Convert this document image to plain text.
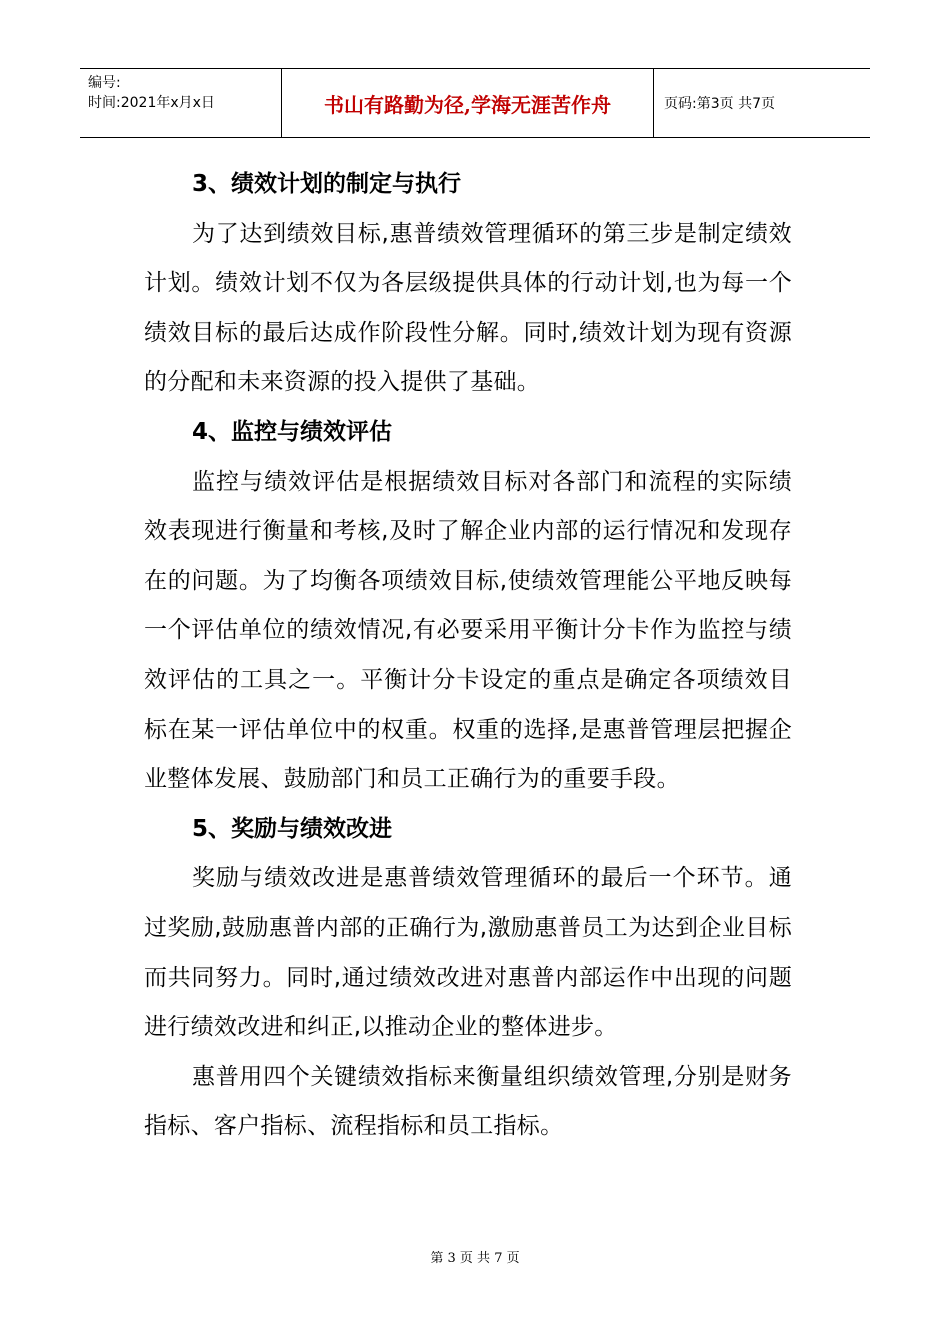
编号:
时间:2021年x月x日	书山有路勤为径,学海无涯苦作舟	页码:第3页 共7页
3、绩效计划的制定与执行
为了达到绩效目标,惠普绩效管理循环的第三步是制定绩效计划。绩效计划不仅为各层级提供具体的行动计划,也为每一个绩效目标的最后达成作阶段性分解。同时,绩效计划为现有资源的分配和未来资源的投入提供了基础。
4、监控与绩效评估
监控与绩效评估是根据绩效目标对各部门和流程的实际绩效表现进行衡量和考核,及时了解企业内部的运行情况和发现存在的问题。为了均衡各项绩效目标,使绩效管理能公平地反映每一个评估单位的绩效情况,有必要采用平衡计分卡作为监控与绩效评估的工具之一。平衡计分卡设定的重点是确定各项绩效目标在某一评估单位中的权重。权重的选择,是惠普管理层把握企业整体发展、鼓励部门和员工正确行为的重要手段。
5、奖励与绩效改进
奖励与绩效改进是惠普绩效管理循环的最后一个环节。通过奖励,鼓励惠普内部的正确行为,激励惠普员工为达到企业目标而共同努力。同时,通过绩效改进对惠普内部运作中出现的问题进行绩效改进和纠正,以推动企业的整体进步。
惠普用四个关键绩效指标来衡量组织绩效管理,分别是财务指标、客户指标、流程指标和员工指标。
第 3 页 共 7 页
